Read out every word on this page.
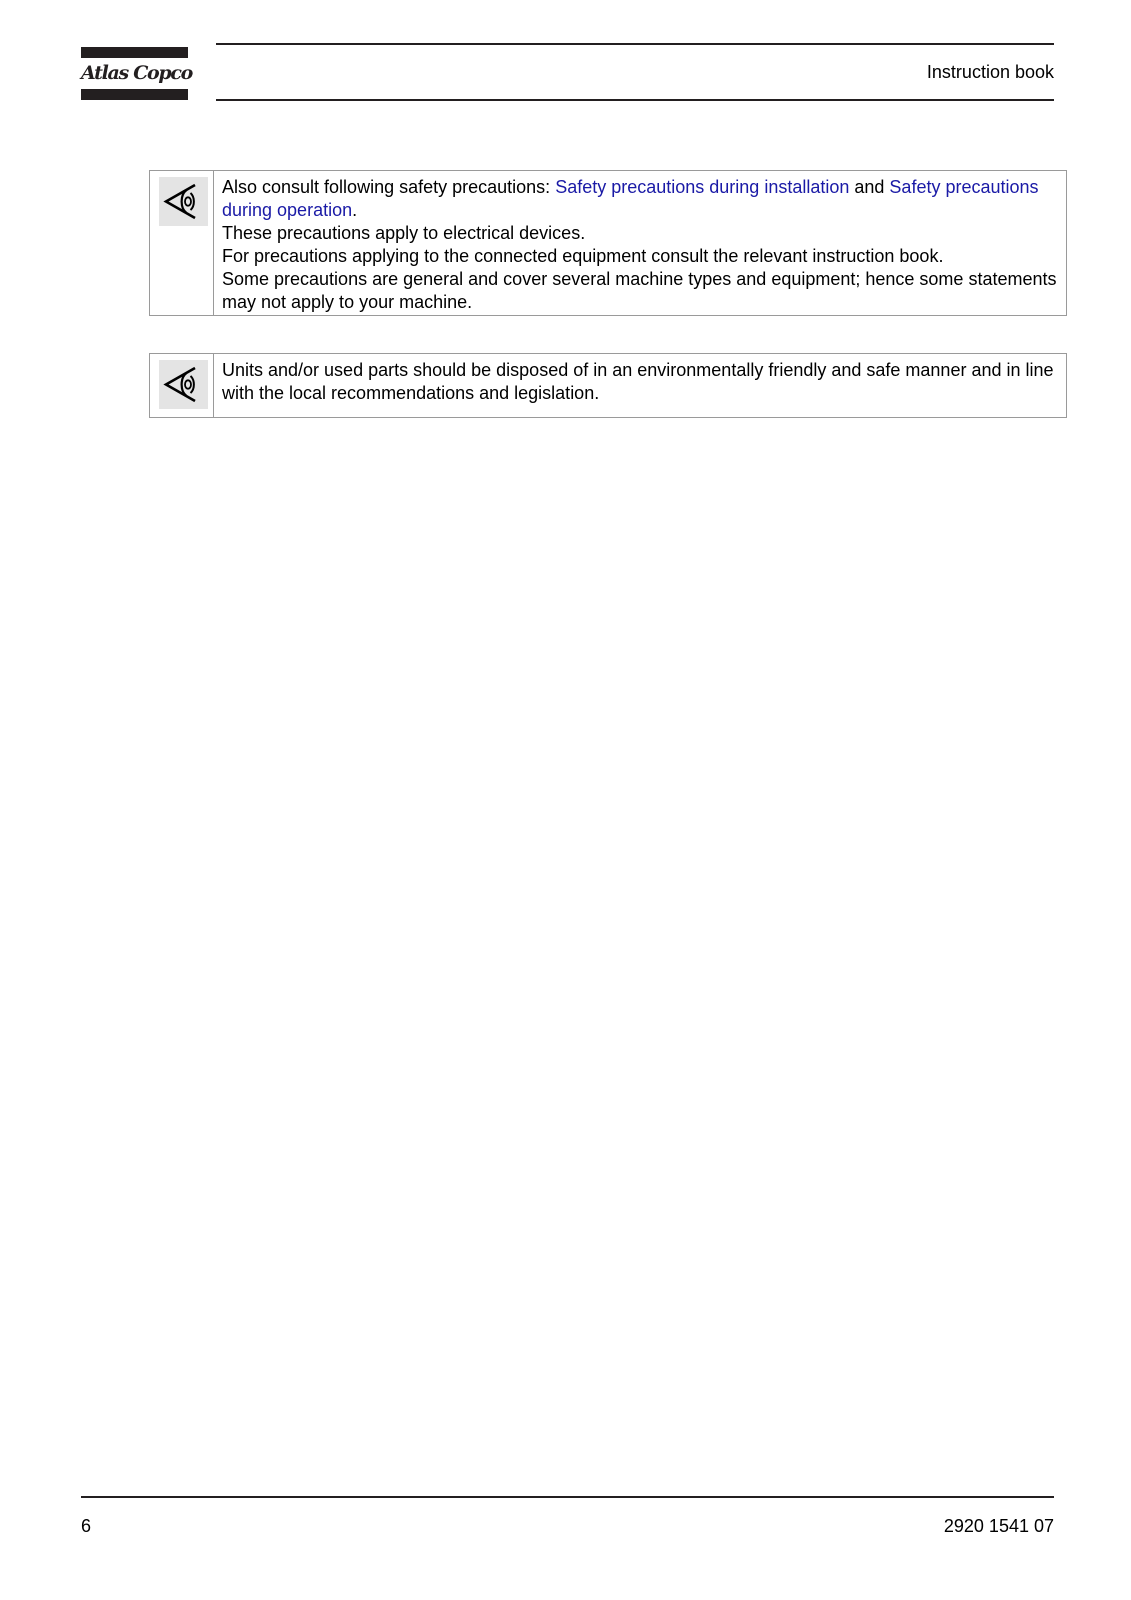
Atlas Copco	Instruction book

Also consult following safety precautions: Safety precautions during installation and Safety precautions during operation.

These precautions apply to electrical devices.

For precautions applying to the connected equipment consult the relevant instruction book.

Some precautions are general and cover several machine types and equipment; hence some statements may not apply to your machine.

Units and/or used parts should be disposed of in an environmentally friendly and safe manner and in line with the local recommendations and legislation.

6	2920 1541 07
